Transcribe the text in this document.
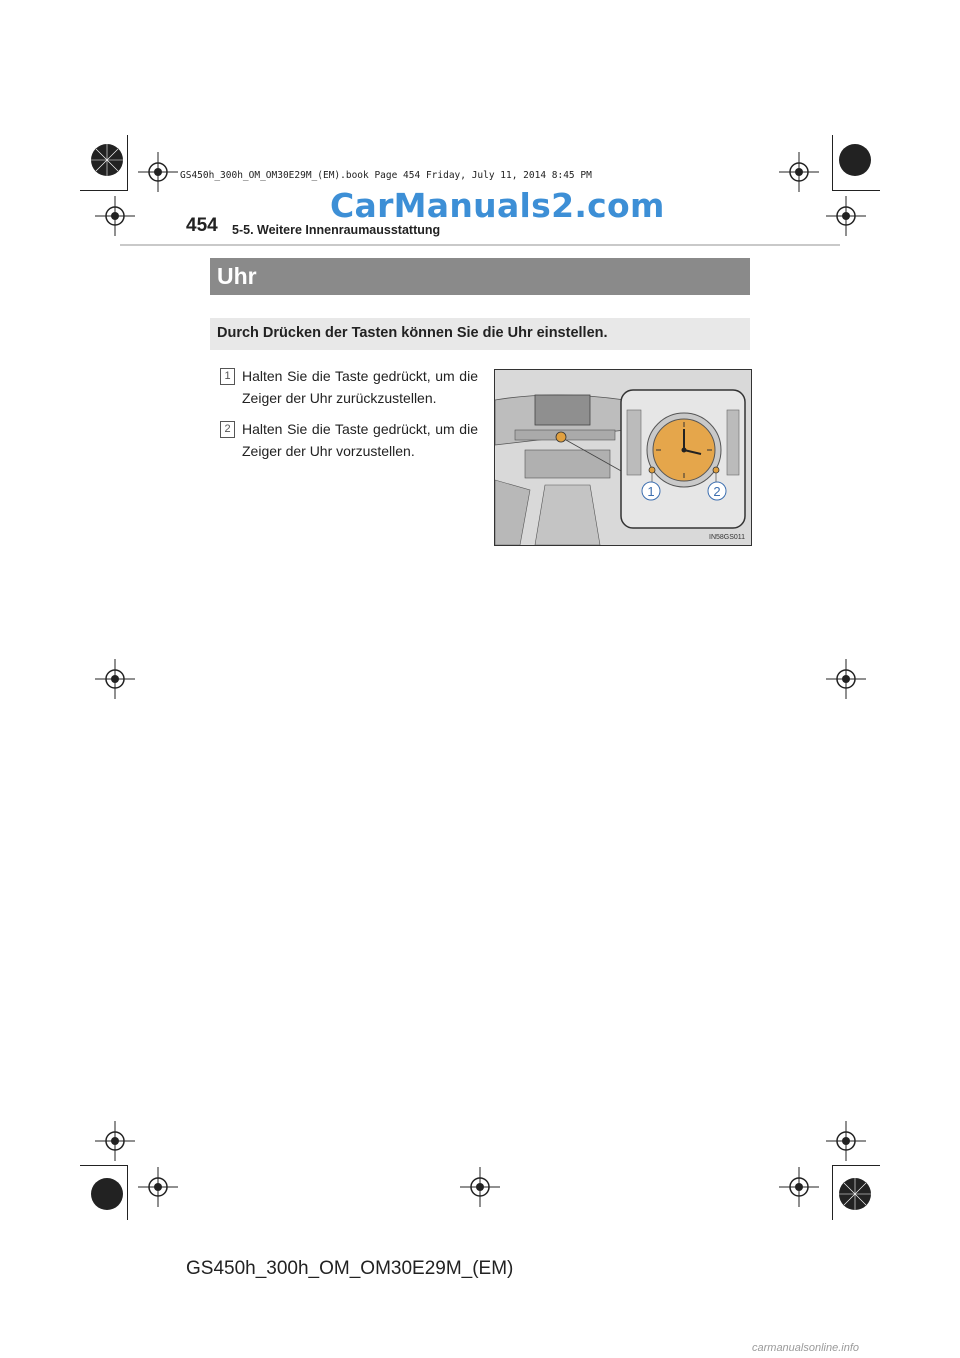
GS450h_300h_OM_OM30E29M_(EM).book Page 454 Friday, July 11, 2014 8:45 PM
CarManuals2.com
454 5-5. Weitere Innenraumausstattung
Uhr
Durch Drücken der Tasten können Sie die Uhr einstellen.
1 Halten Sie die Taste gedrückt, um die Zeiger der Uhr zurückzustellen.
2 Halten Sie die Taste gedrückt, um die Zeiger der Uhr vorzustellen.
1	2
IN58GS011
GS450h_300h_OM_OM30E29M_(EM)
carmanualsonline.info
